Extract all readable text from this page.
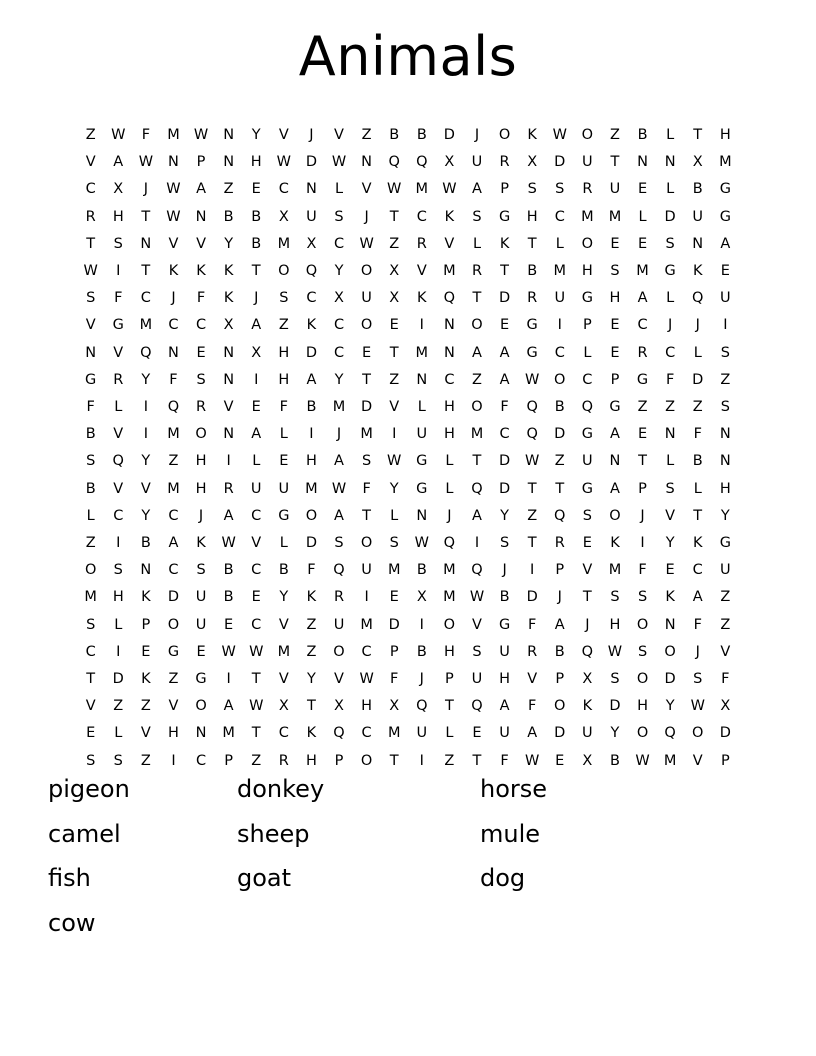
Animals
Z	W	F	M	W	N	Y	V	J	V	Z	B	B	D	J	O	K	W	O	Z	B	L	T	H
V	A	W	N	P	N	H	W	D	W	N	Q	Q	X	U	R	X	D	U	T	N	N	X	M
C	X	J	W	A	Z	E	C	N	L	V	W	M	W	A	P	S	S	R	U	E	L	B	G
R	H	T	W	N	B	B	X	U	S	J	T	C	K	S	G	H	C	M	M	L	D	U	G
T	S	N	V	V	Y	B	M	X	C	W	Z	R	V	L	K	T	L	O	E	E	S	N	A
W	I	T	K	K	K	T	O	Q	Y	O	X	V	M	R	T	B	M	H	S	M	G	K	E
S	F	C	J	F	K	J	S	C	X	U	X	K	Q	T	D	R	U	G	H	A	L	Q	U
V	G	M	C	C	X	A	Z	K	C	O	E	I	N	O	E	G	I	P	E	C	J	J	I
N	V	Q	N	E	N	X	H	D	C	E	T	M	N	A	A	G	C	L	E	R	C	L	S
G	R	Y	F	S	N	I	H	A	Y	T	Z	N	C	Z	A	W	O	C	P	G	F	D	Z
F	L	I	Q	R	V	E	F	B	M	D	V	L	H	O	F	Q	B	Q	G	Z	Z	Z	S
B	V	I	M	O	N	A	L	I	J	M	I	U	H	M	C	Q	D	G	A	E	N	F	N
S	Q	Y	Z	H	I	L	E	H	A	S	W	G	L	T	D	W	Z	U	N	T	L	B	N
B	V	V	M	H	R	U	U	M	W	F	Y	G	L	Q	D	T	T	G	A	P	S	L	H
L	C	Y	C	J	A	C	G	O	A	T	L	N	J	A	Y	Z	Q	S	O	J	V	T	Y
Z	I	B	A	K	W	V	L	D	S	O	S	W	Q	I	S	T	R	E	K	I	Y	K	G
O	S	N	C	S	B	C	B	F	Q	U	M	B	M	Q	J	I	P	V	M	F	E	C	U
M	H	K	D	U	B	E	Y	K	R	I	E	X	M	W	B	D	J	T	S	S	K	A	Z
S	L	P	O	U	E	C	V	Z	U	M	D	I	O	V	G	F	A	J	H	O	N	F	Z
C	I	E	G	E	W	W	M	Z	O	C	P	B	H	S	U	R	B	Q	W	S	O	J	V
T	D	K	Z	G	I	T	V	Y	V	W	F	J	P	U	H	V	P	X	S	O	D	S	F
V	Z	Z	V	O	A	W	X	T	X	H	X	Q	T	Q	A	F	O	K	D	H	Y	W	X
E	L	V	H	N	M	T	C	K	Q	C	M	U	L	E	U	A	D	U	Y	O	Q	O	D
S	S	Z	I	C	P	Z	R	H	P	O	T	I	Z	T	F	W	E	X	B	W	M	V	P
pigeon	donkey	horse
camel	sheep	mule
fish	goat	dog
cow
